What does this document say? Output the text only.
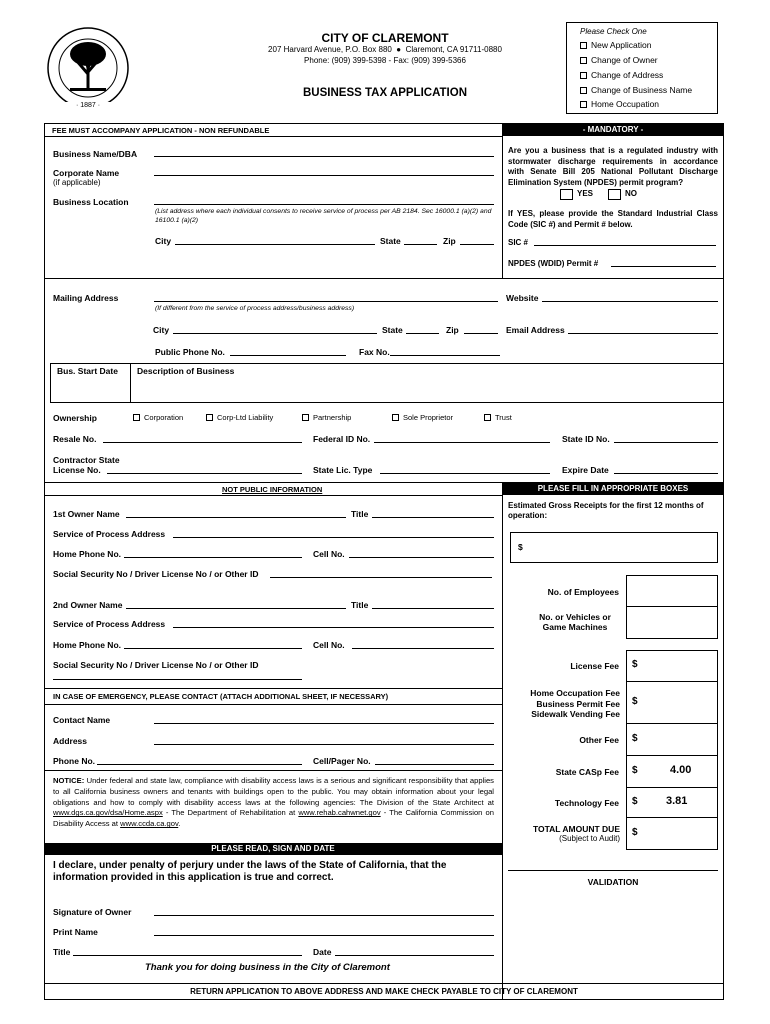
· 1887 ·
CITY OF CLAREMONT
207 Harvard Avenue, P.O. Box 880  ●  Claremont, CA 91711-0880
Phone: (909) 399-5398 - Fax: (909) 399-5366
BUSINESS TAX APPLICATION
Please Check One
New Application
Change of Owner
Change of Address
Change of Business Name
Home Occupation
FEE MUST ACCOMPANY APPLICATION - NON REFUNDABLE	- MANDATORY -
Are you a business that is a regulated industry with stormwater discharge requirements in accordance with Senate Bill 205 National Pollutant Discharge Elimination System (NPDES) permit program?
YES	NO
If YES, please provide the Standard Industrial Class Code (SIC #) and Permit # below.
SIC #
NPDES (WDID) Permit #
Business Name/DBA
Corporate Name
(if applicable)
Business Location
(List address where each individual consents to receive service of process per AB 2184. Sec 16000.1 (a)(2) and 16100.1 (a)(2)
City	State	Zip
Mailing Address
(If different from the service of process address/business address)
Website
City	State	Zip	Email Address
Public Phone No.	Fax No.
Bus. Start Date Description of Business
Ownership	Corporation	Corp-Ltd Liability	Partnership	Sole Proprietor	Trust
Resale No.	Federal ID No.	State ID No.
Contractor State
License No.	State Lic. Type	Expire Date
NOT PUBLIC INFORMATION	PLEASE FILL IN APPROPRIATE BOXES
1st Owner Name	Title
Service of Process Address
Home Phone No.	Cell No.
Social Security No / Driver License No / or Other ID
2nd Owner Name	Title
Service of Process Address
Home Phone No.	Cell No.
Social Security No / Driver License No / or Other ID
IN CASE OF EMERGENCY, PLEASE CONTACT (ATTACH ADDITIONAL SHEET, IF NECESSARY)
Contact Name
Address
Phone No.	Cell/Pager No.
NOTICE: Under federal and state law, compliance with disability access laws is a serious and significant responsibility that applies to all California business owners and tenants with buildings open to the public. You may obtain information about your legal obligations and how to comply with disability access laws at the following agencies: The Division of the State Architect at www.dgs.ca.gov/dsa/Home.aspx - The Department of Rehabilitation at www.rehab.cahwnet.gov - The California Commission on Disability Access at www.ccda.ca.gov.
PLEASE READ, SIGN AND DATE
I declare, under penalty of perjury under the laws of the State of California, that the information provided in this application is true and correct.
Signature of Owner
Print Name
Title	Date
Thank you for doing business in the City of Claremont
Estimated Gross Receipts for the first 12 months of operation:
$
No. of Employees
No. or Vehicles or Game Machines
License Fee $
Home Occupation Fee
Business Permit Fee
Sidewalk Vending Fee
$
Other Fee $
State CASp Fee $	4.00
Technology Fee $	3.81
TOTAL AMOUNT DUE
(Subject to Audit)
$
VALIDATION
RETURN APPLICATION TO ABOVE ADDRESS AND MAKE CHECK PAYABLE TO CITY OF CLAREMONT
